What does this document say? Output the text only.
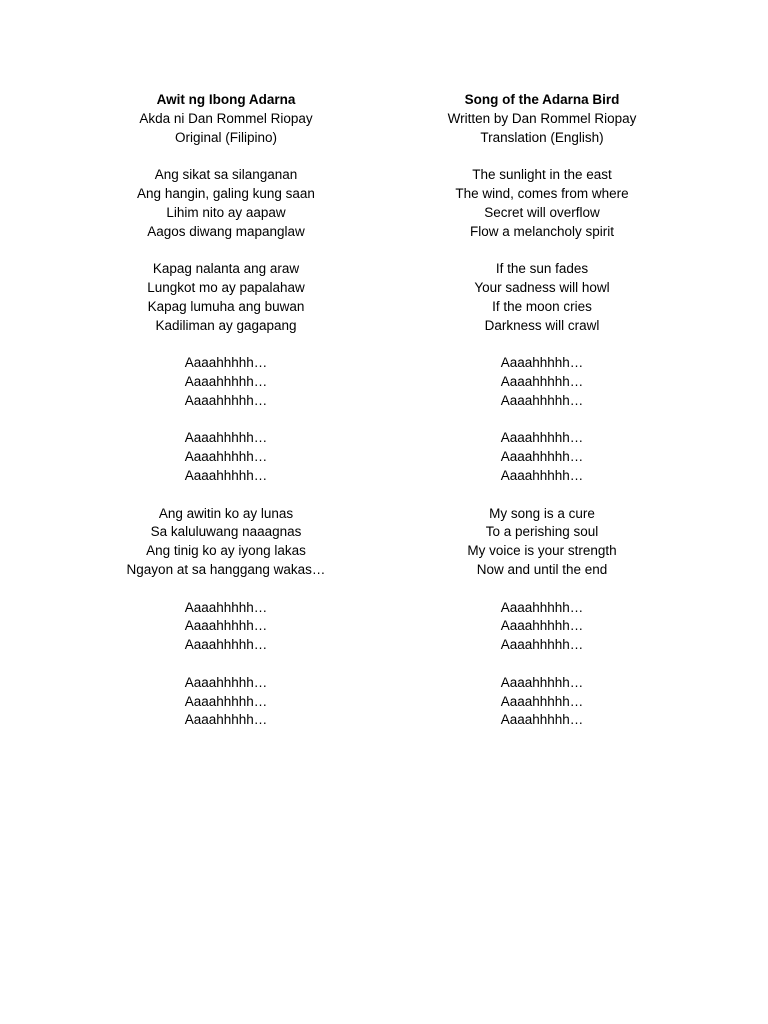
Awit ng Ibong Adarna
Akda ni Dan Rommel Riopay
Original (Filipino)
Ang sikat sa silanganan
Ang hangin, galing kung saan
Lihim nito ay aapaw
Aagos diwang mapanglaw
Kapag nalanta ang araw
Lungkot mo ay papalahaw
Kapag lumuha ang buwan
Kadiliman ay gagapang
Aaaahhhhh…
Aaaahhhhh…
Aaaahhhhh…
Aaaahhhhh…
Aaaahhhhh…
Aaaahhhhh…
Ang awitin ko ay lunas
Sa kaluluwang naaagnas
Ang tinig ko ay iyong lakas
Ngayon at sa hanggang wakas…
Aaaahhhhh…
Aaaahhhhh…
Aaaahhhhh…
Aaaahhhhh…
Aaaahhhhh…
Aaaahhhhh…
Song of the Adarna Bird
Written by Dan Rommel Riopay
Translation (English)
The sunlight in the east
The wind, comes from where
Secret will overflow
Flow a melancholy spirit
If the sun fades
Your sadness will howl
If the moon cries
Darkness will crawl
Aaaahhhhh…
Aaaahhhhh…
Aaaahhhhh…
Aaaahhhhh…
Aaaahhhhh…
Aaaahhhhh…
My song is a cure
To a perishing soul
My voice is your strength
Now and until the end
Aaaahhhhh…
Aaaahhhhh…
Aaaahhhhh…
Aaaahhhhh…
Aaaahhhhh…
Aaaahhhhh…
